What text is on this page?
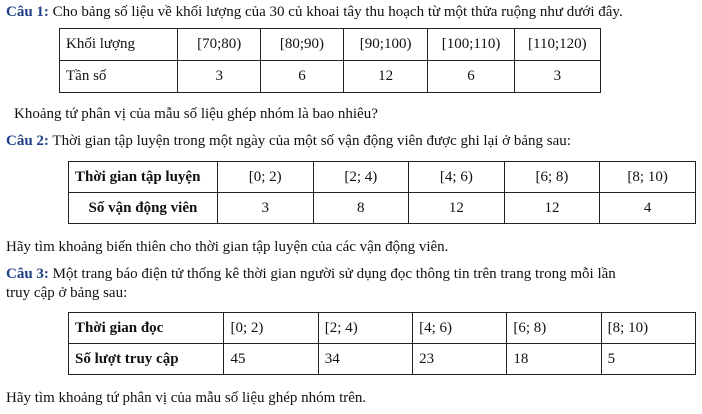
Câu 1: Cho bảng số liệu về khối lượng của 30 củ khoai tây thu hoạch từ một thửa ruộng như dưới đây.
Khối lượng	[70;80)	[80;90)	[90;100)	[100;110)	[110;120)
Tần số	3	6	12	6	3
Khoảng tứ phân vị của mẫu số liệu ghép nhóm là bao nhiêu?
Câu 2: Thời gian tập luyện trong một ngày của một số vận động viên được ghi lại ở bảng sau:
Thời gian tập luyện	[0; 2)	[2; 4)	[4; 6)	[6; 8)	[8; 10)
Số vận động viên	3	8	12	12	4
Hãy tìm khoảng biến thiên cho thời gian tập luyện của các vận động viên.
Câu 3: Một trang báo điện tử thống kê thời gian người sử dụng đọc thông tin trên trang trong mỗi lần
truy cập ở bảng sau:
Thời gian đọc	[0; 2)	[2; 4)	[4; 6)	[6; 8)	[8; 10)
Số lượt truy cập	45	34	23	18	5
Hãy tìm khoảng tứ phân vị của mẫu số liệu ghép nhóm trên.
